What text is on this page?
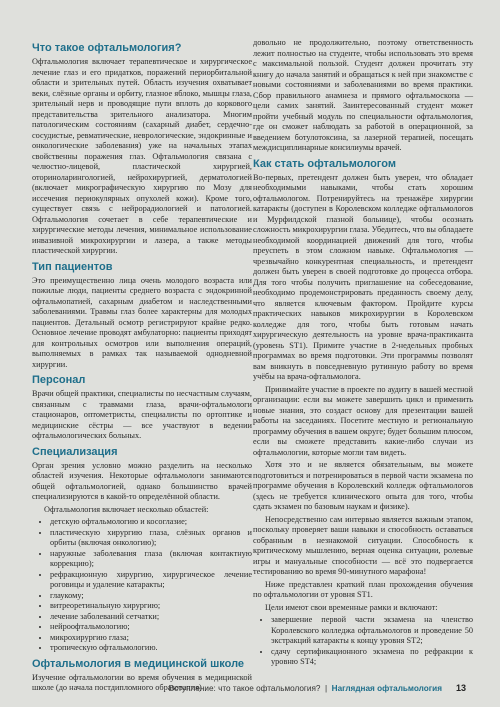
Что такое офтальмология?

Офтальмология включает терапевтическое и хирургическое лечение глаз и его придатков, поражений периорбитальной области и зрительных путей. Область изучения охватывает веки, слёзные органы и орбиту, глазное яблоко, мышцы глаза, зрительный нерв и проводящие пути вплоть до коркового представительства зрительного анализатора. Многим патологическим состояниям (сахарный диабет, сердечно-сосудистые, ревматические, неврологические, эндокринные и онкологические заболевания) уже на начальных этапах свойственны поражения глаз. Офтальмология связана с челюстно-лицевой, пластической хирургией, оториноларингологией, нейрохирургией, дерматологией (включает микрографическую хирургию по Мозу для иссечения периокулярных опухолей кожи). Кроме того, существует связь с нейрорадиологией и патологией. Офтальмология сочетает в себе терапевтические и хирургические методы лечения, минимальное использование инвазивной микрохирургии и лазера, а также методы пластической хирургии.

Тип пациентов

Это преимущественно лица очень молодого возраста или пожилые люди, пациенты среднего возраста с эндокринной офтальмопатией, сахарным диабетом и наследственными заболеваниями. Травмы глаз более характерны для молодых пациентов. Детальный осмотр регистрируют крайне редко. Основное лечение проводят амбулаторно: пациенты приходят для контрольных осмотров или выполнения операций, выполняемых в рамках так называемой однодневной хирургии.

Персонал

Врачи общей практики, специалисты по несчастным случаям, связанным с травмами глаза, врачи-офтальмологи стационаров, оптометристы, специалисты по ортоптике и медицинские сёстры — все участвуют в ведении офтальмологических больных.

Специализация

Орган зрения условно можно разделить на несколько областей изучения. Некоторые офтальмологи занимаются общей офтальмологией, однако большинство врачей специализируются в какой-то определённой области.

Офтальмология включает несколько областей:

• детскую офтальмологию и косоглазие;
• пластическую хирургию глаза, слёзных органов и орбиты (включая онкологию);
• наружные заболевания глаза (включая контактную коррекцию);
• рефракционную хирургию, хирургическое лечение роговицы и удаление катаракты;
• глаукому;
• витреоретинальную хирургию;
• лечение заболеваний сетчатки;
• нейроофтальмологию;
• микрохирургию глаза;
• тропическую офтальмологию.
Офтальмология в медицинской школе

Изучение офтальмологии во время обучения в медицинской школе (до начала постдипломного образования)

довольно не продолжительно, поэтому ответственность лежит полностью на студенте, чтобы использовать это время с максимальной пользой. Студент должен прочитать эту книгу до начала занятий и обращаться к ней при знакомстве с новыми состояниями и заболеваниями во время практики. Сбор правильного анамнеза и прямого офтальмоскопа — цели самих занятий. Заинтересованный студент может пройти учебный модуль по специальности офтальмология, где он сможет наблюдать за работой в операционной, за введением ботулотоксина, за лазерной терапией, посещать междисциплинарные консилиумы врачей.

Как стать офтальмологом

Во-первых, претендент должен быть уверен, что обладает необходимыми навыками, чтобы стать хорошим офтальмологом. Потренируйтесь на тренажёре хирургии катаракты (доступен в Королевском колледже офтальмологов и Мурфилдской глазной больнице), чтобы осознать сложность микрохирургии глаза. Убедитесь, что вы обладаете необходимой координацией движений для того, чтобы преуспеть в этом сложном навыке. Офтальмология — чрезвычайно конкурентная специальность, и претендент должен быть уверен в своей подготовке до процесса отбора. Для того чтобы получить приглашение на собеседование, необходимо продемонстрировать преданность своему делу, что является ключевым фактором. Пройдите курсы практических навыков микрохирургии в Королевском колледже для того, чтобы быть готовым начать хирургическую деятельность на уровне врача-практиканта (уровень ST1). Примите участие в 2-недельных пробных программах во время подготовки. Эти программы позволят вам вникнуть в повседневную рутинную работу во время учёбы на врача-офтальмолога.

Принимайте участие в проекте по аудиту в вашей местной организации: если вы можете завершить цикл и применить новые знания, это создаст основу для презентации вашей работы на заседаниях. Посетите местную и региональную программу обучения в вашем округе; будет большим плюсом, если вы сможете представить какие-либо случаи из офтальмологии, которые могли там видеть.

Хотя это и не является обязательным, вы можете подготовиться и потренироваться в первой части экзамена по программе обучения в Королевский колледж офтальмологов (здесь не требуется клинического опыта для того, чтобы сдать экзамен по базовым наукам и физике).

Непосредственно сам интервью является важным этапом, поскольку проверяет ваши навыки и способность оставаться собранным в незнакомой ситуации. Способность к критическому мышлению, верная оценка ситуации, ролевые игры и мануальные способности — всё это подвергается тестированию во время 90-минутного марафона!

Ниже представлен краткий план прохождения обучения по офтальмологии от уровня ST1.

Цели имеют свои временные рамки и включают:

• завершение первой части экзамена на членство Королевского колледжа офтальмологов и проведение 50 экстракций катаракты к концу уровня ST2;
• сдачу сертификационного экзамена по рефракции к уровню ST4;
Вступление: что такое офтальмология?  |  Наглядная офтальмология 13
